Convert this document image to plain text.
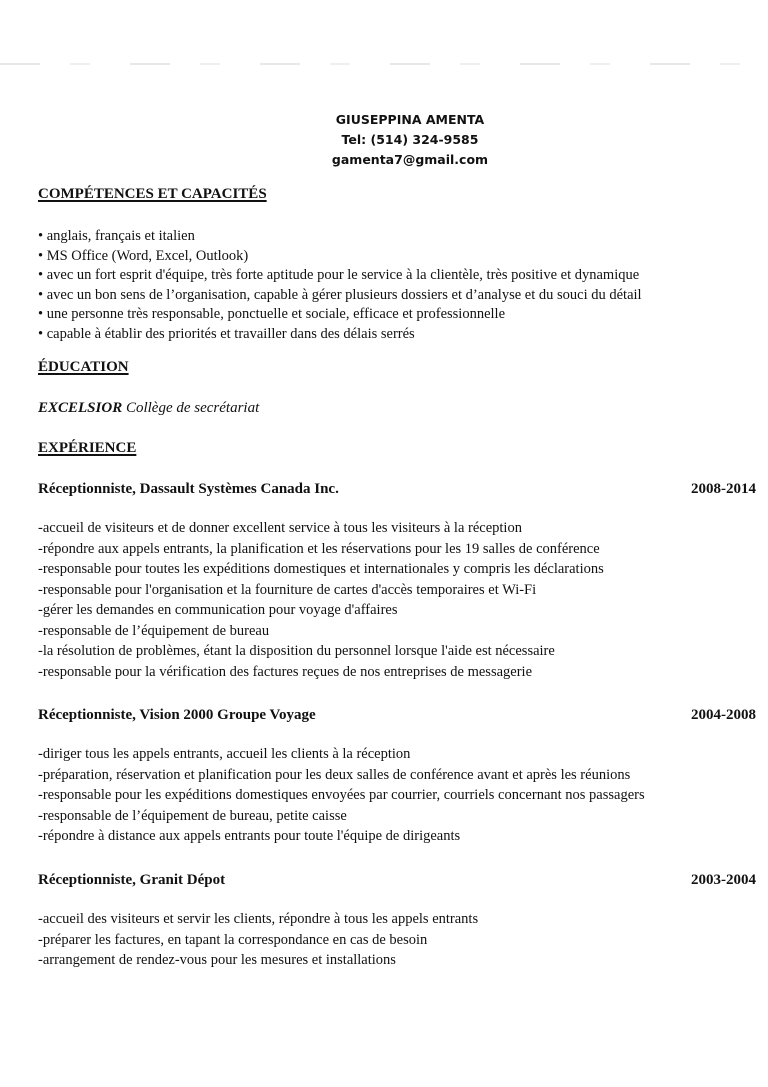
GIUSEPPINA AMENTA
Tel: (514) 324-9585
gamenta7@gmail.com
COMPÉTENCES ET CAPACITÉS
• anglais, français et italien
• MS Office (Word, Excel, Outlook)
• avec un fort esprit d'équipe, très forte aptitude pour le service à la clientèle, très positive et dynamique
• avec un bon sens de l’organisation, capable à gérer plusieurs dossiers et d’analyse et du souci du détail
• une personne très responsable, ponctuelle et sociale, efficace et professionnelle
• capable à établir des priorités et travailler dans des délais serrés
ÉDUCATION
EXCELSIOR Collège de secrétariat
EXPÉRIENCE
Réceptionniste, Dassault Systèmes Canada Inc.	2008-2014
-accueil de visiteurs et de donner excellent service à tous les visiteurs à la réception
-répondre aux appels entrants, la planification et les réservations pour les 19 salles de conférence
-responsable pour toutes les expéditions domestiques et internationales y compris les déclarations
-responsable pour l'organisation et la fourniture de cartes d'accès temporaires et Wi-Fi
-gérer les demandes en communication pour voyage d'affaires
-responsable de l’équipement de bureau
-la résolution de problèmes, étant la disposition du personnel lorsque l'aide est nécessaire
-responsable pour la vérification des factures reçues de nos entreprises de messagerie
Réceptionniste, Vision 2000 Groupe Voyage	2004-2008
-diriger tous les appels entrants, accueil les clients à la réception
-préparation, réservation et planification pour les deux salles de conférence avant et après les réunions
-responsable pour les expéditions domestiques envoyées par courrier, courriels concernant nos passagers
-responsable de l’équipement de bureau, petite caisse
-répondre à distance aux appels entrants pour toute l'équipe de dirigeants
Réceptionniste, Granit Dépot	2003-2004
-accueil des visiteurs et servir les clients, répondre à tous les appels entrants
-préparer les factures, en tapant la correspondance en cas de besoin
-arrangement de rendez-vous pour les mesures et installations
